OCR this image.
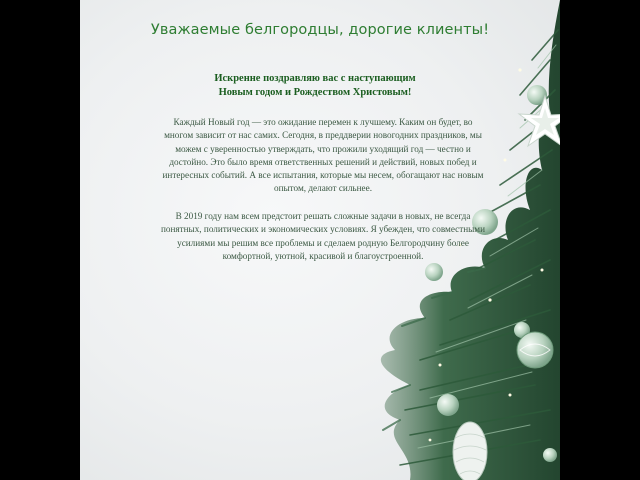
Уважаемые белгородцы, дорогие клиенты!

Искренне поздравляю вас с наступающим
Новым годом и Рождеством Христовым!

Каждый Новый год — это ожидание перемен к лучшему. Каким он будет, во многом зависит от нас самих. Сегодня, в преддверии новогодних праздников, мы можем с уверенностью утверждать, что прожили уходящий год — честно и достойно. Это было время ответственных решений и действий, новых побед и интересных событий. А все испытания, которые мы несем, обогащают нас новым опытом, делают сильнее.

В 2019 году нам всем предстоит решать сложные задачи в новых, не всегда понятных, политических и экономических условиях. Я убежден, что совместными усилиями мы решим все проблемы и сделаем родную Белгородчину более комфортной, уютной, красивой и благоустроенной.
